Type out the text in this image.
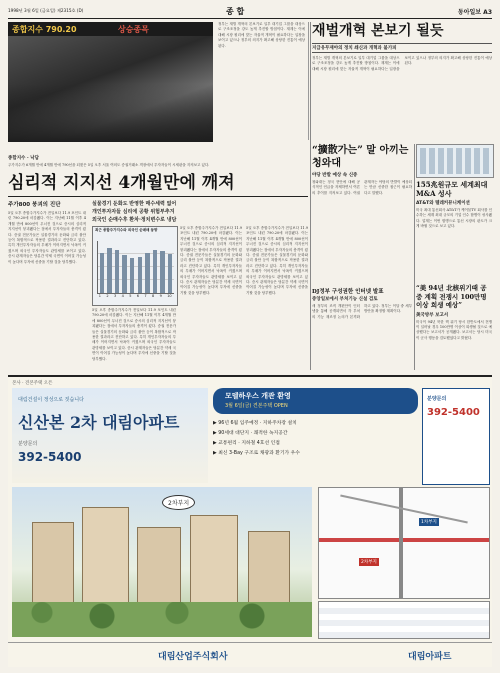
1998년 3월 6일 (금요일) 제2315호 (D)	종 합	동아일보 A3
종합지수 790.20	상승종목
종합지수 · 낙담
주가지수가 6개월 만에 4개월 만에 790선을 되찾은 5일 오후 서울 여의도 증권거래소 객장에서 투자자들이 시세판을 지켜보고 있다.
정부는 재벌 개혁의 본보기로 일부 대기업 그룹을 대상으로 구조조정을 강도 높게 추진할 방침이다. 재계는 이에 대해 시장 원리에 맞는 자율적 개혁이 필요하다는 입장을 보이고 있으나 정부의 의지가 확고해 상당한 진통이 예상된다.
재벌개혁 본보기 될듯
지급유무재야의 정치 쇄신과 개혁과 불가피
정부는 재벌 개혁의 본보기로 일부 대기업 그룹을 대상으로 구조조정을 강도 높게 추진할 방침이다. 재계는 이에 대해 시장 원리에 맞는 자율적 개혁이 필요하다는 입장을 보이고 있으나 정부의 의지가 확고해 상당한 진통이 예상된다.
심리적 지지선 4개월만에 깨져
주가800 붕괴의 진단
5일 오후 종합주가지수가 전일보다 11.9 포인트 내린 790.20에 마감됐다. 이는 지난해 11월 이후 4개월 만에 800선이 무너진 것으로 증시의 심리적 지지선이 붕괴됐다는 점에서 투자자들의 충격이 컸다. 증권 전문가들은 실물경기의 둔화와 금리 불안 등이 복합적으로 작용한 결과라고 진단하고 있다. 특히 개인투자자들의 투매가 이어지면서 낙폭이 커졌으며 외국인 투자자들도 관망세를 보이고 있다. 증시 관계자들은 당분간 약세 국면이 이어질 가능성이 높다며 투자에 신중을 기할 것을 당부했다.
실물경기 둔화도 반영한 매수세력 없어
개인투자자들 심리에 공황 위험부추겨
외국인 순매수후 환차·정치변수로 냉담
최근 종합주가지수와 외국인 순매매 동향
1 2 3 4 5 6 7 8 9 10
5일 오후 종합주가지수가 전일보다 11.9 포인트 내린 790.20에 마감됐다. 이는 지난해 11월 이후 4개월 만에 800선이 무너진 것으로 증시의 심리적 지지선이 붕괴됐다는 점에서 투자자들의 충격이 컸다. 증권 전문가들은 실물경기의 둔화와 금리 불안 등이 복합적으로 작용한 결과라고 진단하고 있다. 특히 개인투자자들의 투매가 이어지면서 낙폭이 커졌으며 외국인 투자자들도 관망세를 보이고 있다. 증시 관계자들은 당분간 약세 국면이 이어질 가능성이 높다며 투자에 신중을 기할 것을 당부했다.
5일 오후 종합주가지수가 전일보다 11.9 포인트 내린 790.20에 마감됐다. 이는 지난해 11월 이후 4개월 만에 800선이 무너진 것으로 증시의 심리적 지지선이 붕괴됐다는 점에서 투자자들의 충격이 컸다. 증권 전문가들은 실물경기의 둔화와 금리 불안 등이 복합적으로 작용한 결과라고 진단하고 있다. 특히 개인투자자들의 투매가 이어지면서 낙폭이 커졌으며 외국인 투자자들도 관망세를 보이고 있다. 증시 관계자들은 당분간 약세 국면이 이어질 가능성이 높다며 투자에 신중을 기할 것을 당부했다.
5일 오후 종합주가지수가 전일보다 11.9 포인트 내린 790.20에 마감됐다. 이는 지난해 11월 이후 4개월 만에 800선이 무너진 것으로 증시의 심리적 지지선이 붕괴됐다는 점에서 투자자들의 충격이 컸다. 증권 전문가들은 실물경기의 둔화와 금리 불안 등이 복합적으로 작용한 결과라고 진단하고 있다. 특히 개인투자자들의 투매가 이어지면서 낙폭이 커졌으며 외국인 투자자들도 관망세를 보이고 있다. 증시 관계자들은 당분간 약세 국면이 이어질 가능성이 높다며 투자에 신중을 기할 것을 당부했다.
“擴散가는” 말 아끼는 청와대
야당 반발 예상 속 신중
청와대는 정국 현안에 대해 공식적인 언급을 자제하면서 여론의 추이를 지켜보고 있다. 여권 관계자는 야당의 반발이 예상되는 만큼 신중한 접근이 필요하다고 말했다.
DJ정부 구성권한 인터넷 발표
중앙일보에서 부처기능 신설 검토
새 정부의 조직 개편안이 인터넷을 통해 공개되면서 각 부처의 기능 재조정 논의가 본격화하고 있다. 정부는 이달 중 세부 방안을 확정할 계획이다.
155兆원규모 세계최대 M&A 성사
AT&T와 텔레커뮤니케이션
미국 최대 통신회사 AT&T가 케이블TV 회사를 인수하는 세계 최대 규모의 기업 인수 합병이 성사됐다. 업계는 이번 합병으로 통신 시장의 판도가 크게 바뀔 것으로 보고 있다.
“美 94년 北核위기때 공중 계획 전쟁시 100만명이상 희생 예상”
美국방부 보고서
미국이 94년 북한 핵 위기 당시 한반도에서 전쟁이 일어날 경우 100만명 이상이 희생될 것으로 예상했다는 보고서가 공개됐다. 보고서는 당시 미국이 군사 행동을 검토했었다고 밝혔다.
본사 · 견본주택 오픈
대림건설이 정성으로 짓습니다
신산본 2차 대림아파트
분양문의
392-5400
모델하우스 개관 환영
3월 6일(금) 견본주택 OPEN
▶ 96년 6월 입주예정 · 지하주차장 설치
▶ 90세대 대단지 · 쾌적한 녹지공간
▶ 교통편리 · 지하철 4호선 인접
▶ 최신 3-Bay 구조로 채광과 환기가 우수
분양문의
392-5400
2차부지
1차부지
2차부지
대림산업주식회사	대림아파트
